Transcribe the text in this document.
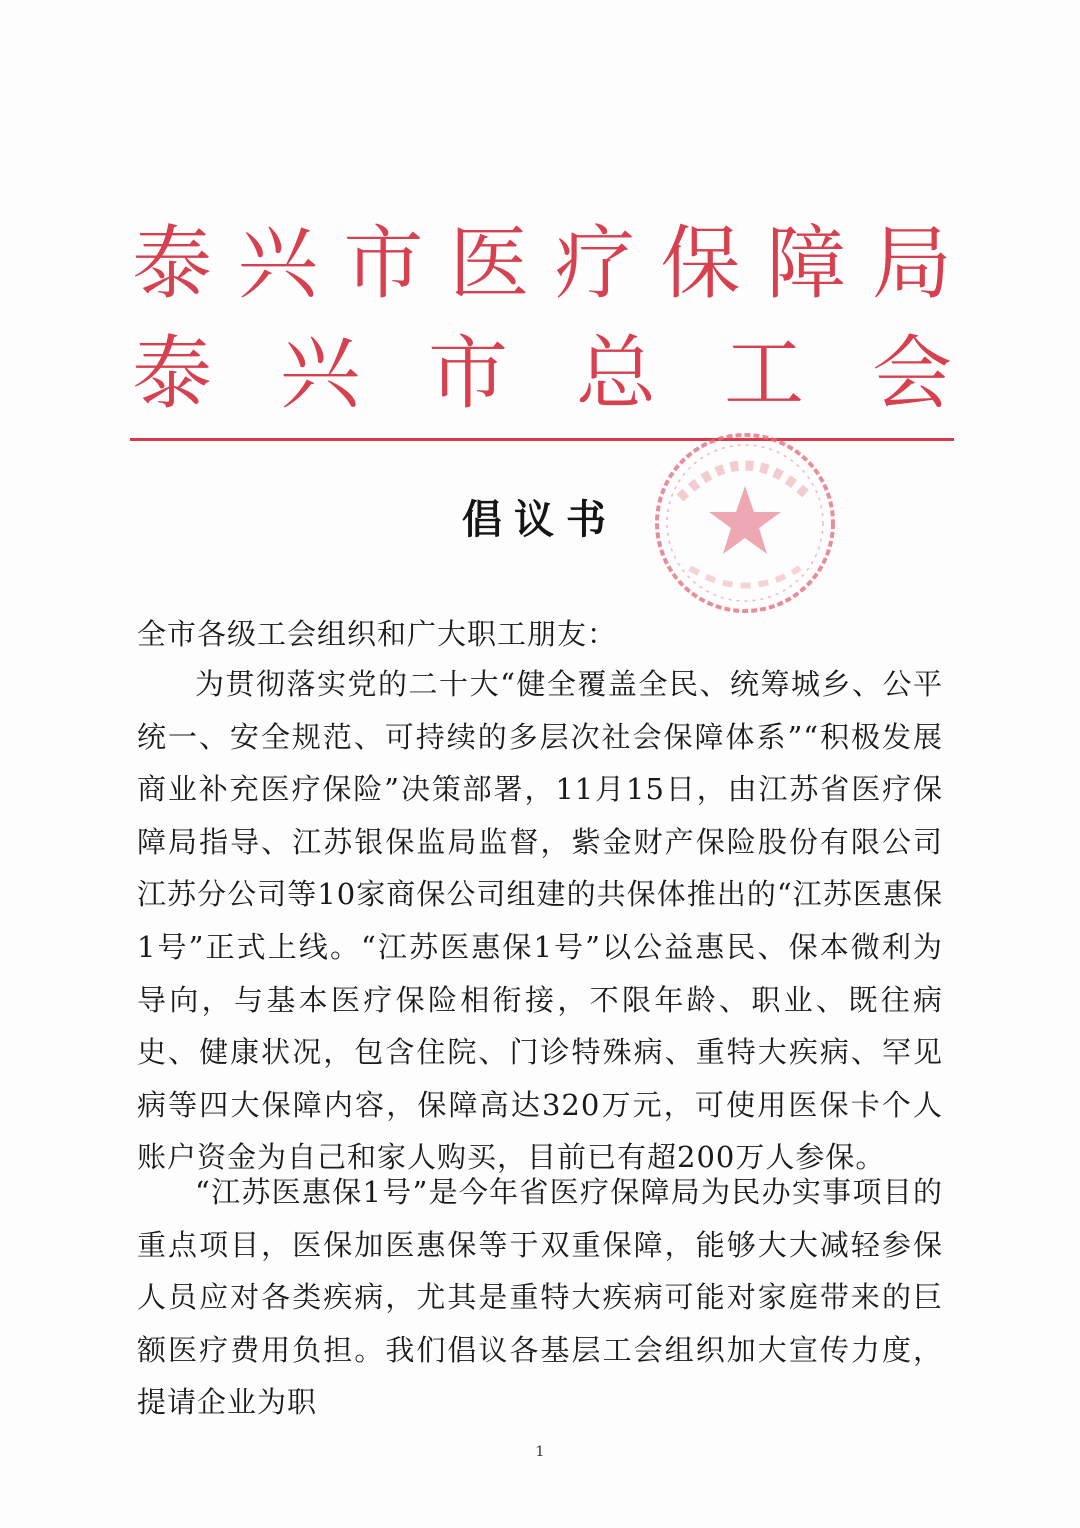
泰 兴 市 医 疗 保 障 局
泰 兴 市 总 工 会
倡议书
全市各级工会组织和广大职工朋友：

为贯彻落实党的二十大“健全覆盖全民、统筹城乡、公平统一、安全规范、可持续的多层次社会保障体系”“积极发展商业补充医疗保险”决策部署，11月15日，由江苏省医疗保障局指导、江苏银保监局监督，紫金财产保险股份有限公司江苏分公司等10家商保公司组建的共保体推出的“江苏医惠保1号”正式上线。“江苏医惠保1号”以公益惠民、保本微利为导向，与基本医疗保险相衔接，不限年龄、职业、既往病史、健康状况，包含住院、门诊特殊病、重特大疾病、罕见病等四大保障内容，保障高达320万元，可使用医保卡个人账户资金为自己和家人购买，目前已有超200万人参保。

“江苏医惠保1号”是今年省医疗保障局为民办实事项目的重点项目，医保加医惠保等于双重保障，能够大大减轻参保人员应对各类疾病，尤其是重特大疾病可能对家庭带来的巨额医疗费用负担。我们倡议各基层工会组织加大宣传力度，提请企业为职

1
